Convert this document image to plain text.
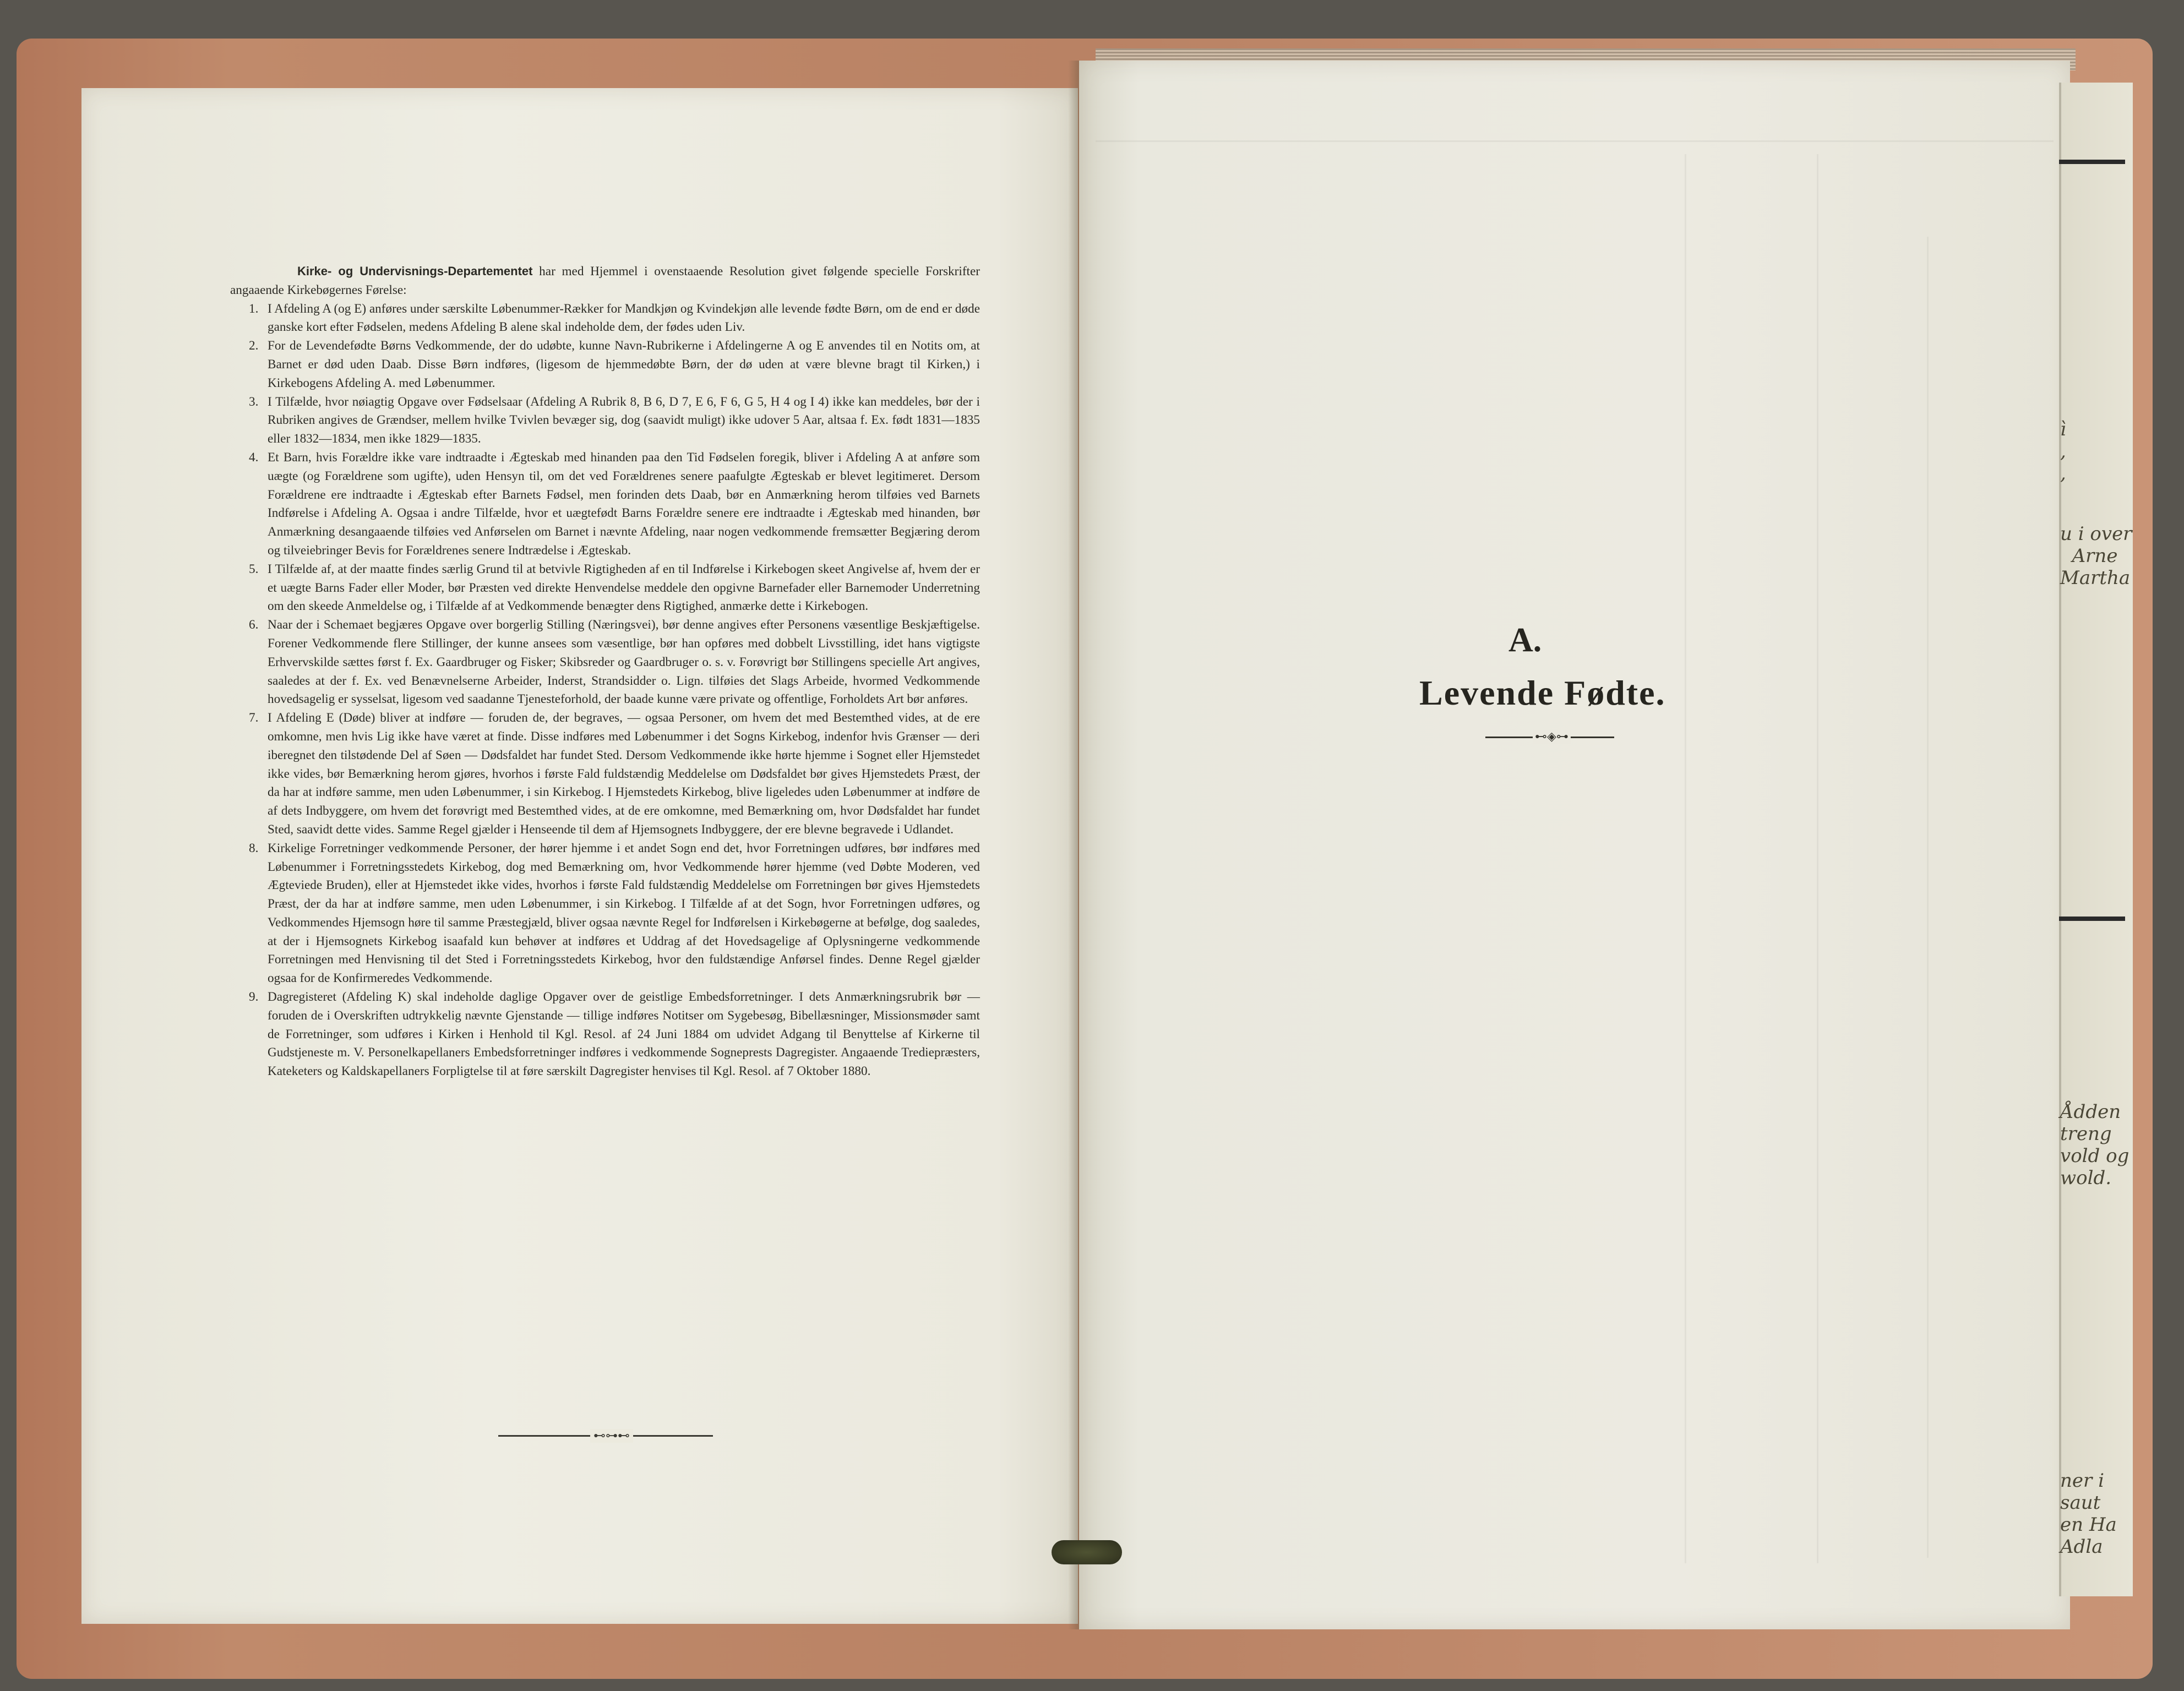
Kirke- og Undervisnings-Departementet har med Hjemmel i ovenstaaende Resolution givet følgende specielle Forskrifter angaaende Kirkebøgernes Førelse:

1. I Afdeling A (og E) anføres under særskilte Løbenummer-Rækker for Mandkjøn og Kvindekjøn alle levende fødte Børn, om de end er døde ganske kort efter Fødselen, medens Afdeling B alene skal indeholde dem, der fødes uden Liv.
2. For de Levendefødte Børns Vedkommende, der do udøbte, kunne Navn-Rubrikerne i Afdelingerne A og E anvendes til en Notits om, at Barnet er død uden Daab. Disse Børn indføres, (ligesom de hjemmedøbte Børn, der dø uden at være blevne bragt til Kirken,) i Kirkebogens Afdeling A. med Løbenummer.
3. I Tilfælde, hvor nøiagtig Opgave over Fødselsaar (Afdeling A Rubrik 8, B 6, D 7, E 6, F 6, G 5, H 4 og I 4) ikke kan meddeles, bør der i Rubriken angives de Grændser, mellem hvilke Tvivlen bevæger sig, dog (saavidt muligt) ikke udover 5 Aar, altsaa f. Ex. født 1831—1835 eller 1832—1834, men ikke 1829—1835.
4. Et Barn, hvis Forældre ikke vare indtraadte i Ægteskab med hinanden paa den Tid Fødselen foregik, bliver i Afdeling A at anføre som uægte (og Forældrene som ugifte), uden Hensyn til, om det ved Forældrenes senere paafulgte Ægteskab er blevet legitimeret. Dersom Forældrene ere indtraadte i Ægteskab efter Barnets Fødsel, men forinden dets Daab, bør en Anmærkning herom tilføies ved Barnets Indførelse i Afdeling A. Ogsaa i andre Tilfælde, hvor et uægtefødt Barns Forældre senere ere indtraadte i Ægteskab med hinanden, bør Anmærkning desangaaende tilføies ved Anførselen om Barnet i nævnte Afdeling, naar nogen vedkommende fremsætter Begjæring derom og tilveiebringer Bevis for Forældrenes senere Indtrædelse i Ægteskab.
5. I Tilfælde af, at der maatte findes særlig Grund til at betvivle Rigtigheden af en til Indførelse i Kirkebogen skeet Angivelse af, hvem der er et uægte Barns Fader eller Moder, bør Præsten ved direkte Henvendelse meddele den opgivne Barnefader eller Barnemoder Underretning om den skeede Anmeldelse og, i Tilfælde af at Vedkommende benægter dens Rigtighed, anmærke dette i Kirkebogen.
6. Naar der i Schemaet begjæres Opgave over borgerlig Stilling (Næringsvei), bør denne angives efter Personens væsentlige Beskjæftigelse. Forener Vedkommende flere Stillinger, der kunne ansees som væsentlige, bør han opføres med dobbelt Livsstilling, idet hans vigtigste Erhvervskilde sættes først f. Ex. Gaardbruger og Fisker; Skibsreder og Gaardbruger o. s. v. Forøvrigt bør Stillingens specielle Art angives, saaledes at der f. Ex. ved Benævnelserne Arbeider, Inderst, Strandsidder o. Lign. tilføies det Slags Arbeide, hvormed Vedkommende hovedsagelig er sysselsat, ligesom ved saadanne Tjenesteforhold, der baade kunne være private og offentlige, Forholdets Art bør anføres.
7. I Afdeling E (Døde) bliver at indføre — foruden de, der begraves, — ogsaa Personer, om hvem det med Bestemthed vides, at de ere omkomne, men hvis Lig ikke have været at finde. Disse indføres med Løbenummer i det Sogns Kirkebog, indenfor hvis Grænser — deri iberegnet den tilstødende Del af Søen — Dødsfaldet har fundet Sted. Dersom Vedkommende ikke hørte hjemme i Sognet eller Hjemstedet ikke vides, bør Bemærkning herom gjøres, hvorhos i første Fald fuldstændig Meddelelse om Dødsfaldet bør gives Hjemstedets Præst, der da har at indføre samme, men uden Løbenummer, i sin Kirkebog. I Hjemstedets Kirkebog, blive ligeledes uden Løbenummer at indføre de af dets Indbyggere, om hvem det forøvrigt med Bestemthed vides, at de ere omkomne, med Bemærkning om, hvor Dødsfaldet har fundet Sted, saavidt dette vides. Samme Regel gjælder i Henseende til dem af Hjemsognets Indbyggere, der ere blevne begravede i Udlandet.
8. Kirkelige Forretninger vedkommende Personer, der hører hjemme i et andet Sogn end det, hvor Forretningen udføres, bør indføres med Løbenummer i Forretningsstedets Kirkebog, dog med Bemærkning om, hvor Vedkommende hører hjemme (ved Døbte Moderen, ved Ægteviede Bruden), eller at Hjemstedet ikke vides, hvorhos i første Fald fuldstændig Meddelelse om Forretningen bør gives Hjemstedets Præst, der da har at indføre samme, men uden Løbenummer, i sin Kirkebog. I Tilfælde af at det Sogn, hvor Forretningen udføres, og Vedkommendes Hjemsogn høre til samme Præstegjæld, bliver ogsaa nævnte Regel for Indførelsen i Kirkebøgerne at befølge, dog saaledes, at der i Hjemsognets Kirkebog isaafald kun behøver at indføres et Uddrag af det Hovedsagelige af Oplysningerne vedkommende Forretningen med Henvisning til det Sted i Forretningsstedets Kirkebog, hvor den fuldstændige Anførsel findes. Denne Regel gjælder ogsaa for de Konfirmeredes Vedkommende.
9. Dagregisteret (Afdeling K) skal indeholde daglige Opgaver over de geistlige Embedsforretninger. I dets Anmærkningsrubrik bør — foruden de i Overskriften udtrykkelig nævnte Gjenstande — tillige indføres Notitser om Sygebesøg, Bibellæsninger, Missionsmøder samt de Forretninger, som udføres i Kirken i Henhold til Kgl. Resol. af 24 Juni 1884 om udvidet Adgang til Benyttelse af Kirkerne til Gudstjeneste m. V. Personelkapellaners Embedsforretninger indføres i vedkommende Sogneprests Dagregister. Angaaende Trediepræsters, Kateketers og Kaldskapellaners Forpligtelse til at føre særskilt Dagregister henvises til Kgl. Resol. af 7 Oktober 1880.
⊷⊶⊷
A.
Levende Fødte.
⊷◈⊶
ı̀
,
,
u i over
Arne
Martha
Ådden
treng
vold og
wold.
ner i
saut
en Ha
Adla
